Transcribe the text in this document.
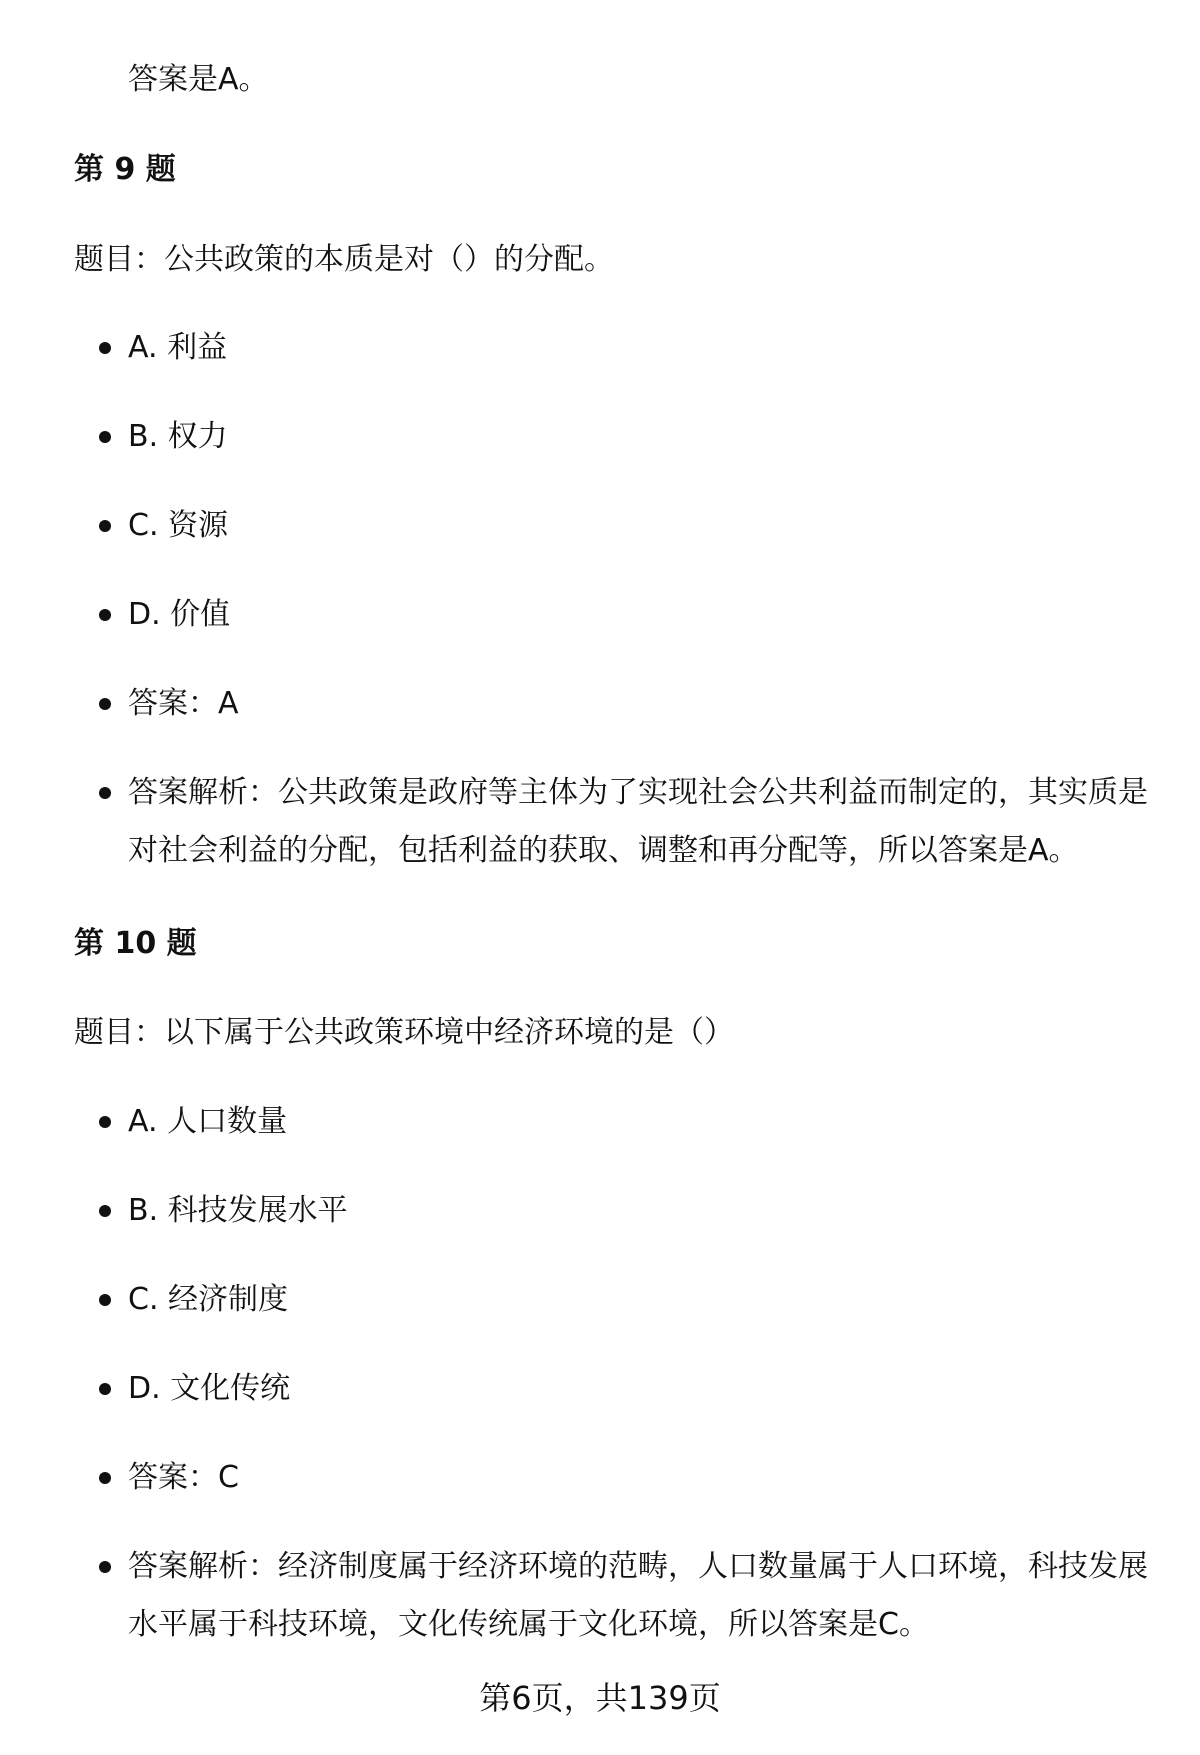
答案是A。
第 9 题
题目：公共政策的本质是对（）的分配。
A. 利益
B. 权力
C. 资源
D. 价值
答案：A
答案解析：公共政策是政府等主体为了实现社会公共利益而制定的，其实质是对社会利益的分配，包括利益的获取、调整和再分配等，所以答案是A。
第 10 题
题目：以下属于公共政策环境中经济环境的是（）
A. 人口数量
B. 科技发展水平
C. 经济制度
D. 文化传统
答案：C
答案解析：经济制度属于经济环境的范畴，人口数量属于人口环境，科技发展水平属于科技环境，文化传统属于文化环境，所以答案是C。
第6页，共139页
